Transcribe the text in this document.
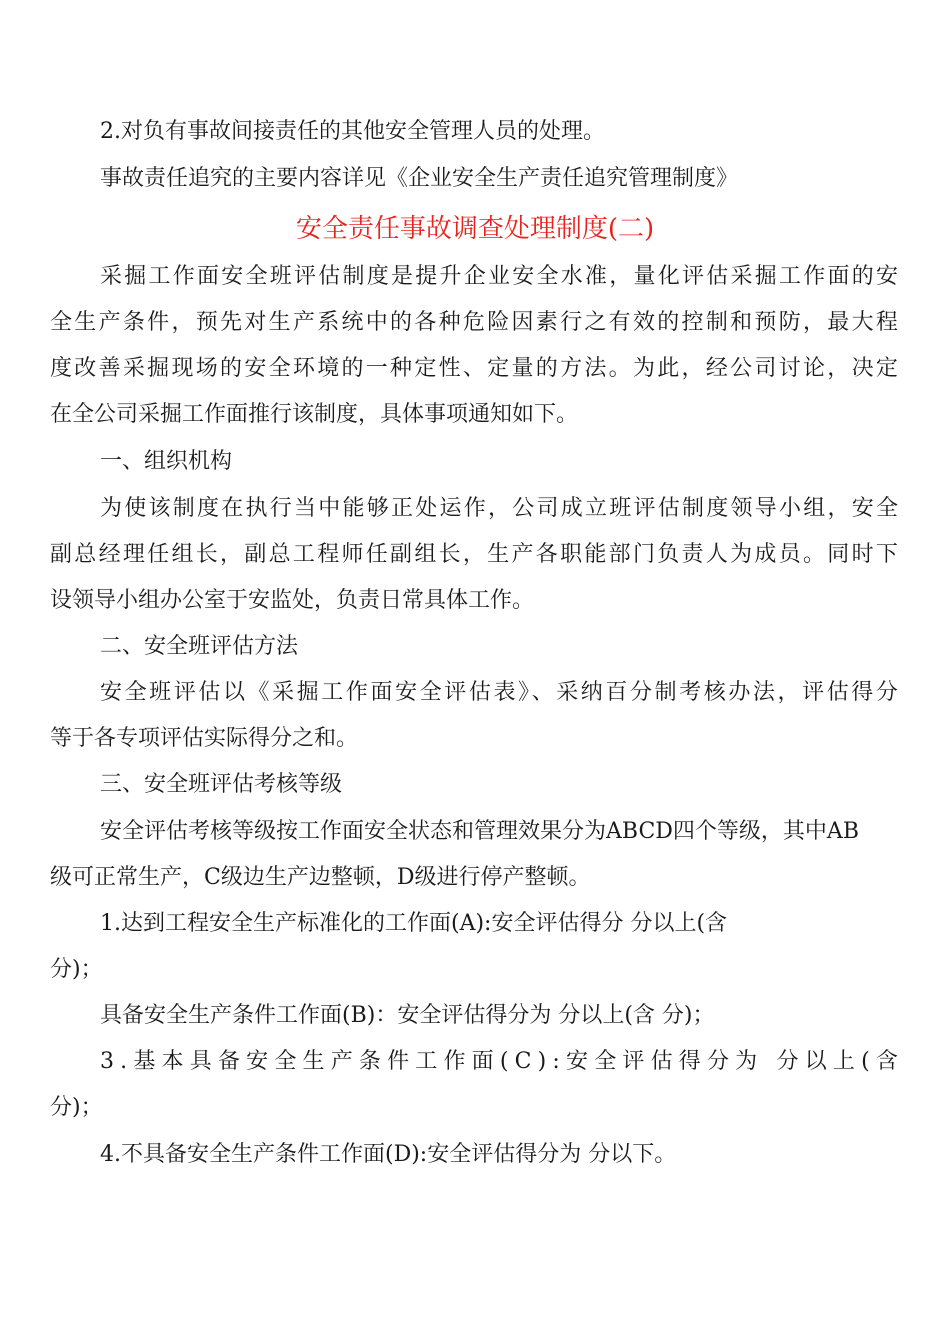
2.对负有事故间接责任的其他安全管理人员的处理。
事故责任追究的主要内容详见《企业安全生产责任追究管理制度》
安全责任事故调查处理制度(二)
采掘工作面安全班评估制度是提升企业安全水准，量化评估采掘工作面的安
全生产条件，预先对生产系统中的各种危险因素行之有效的控制和预防，最大程
度改善采掘现场的安全环境的一种定性、定量的方法。为此，经公司讨论，决定
在全公司采掘工作面推行该制度，具体事项通知如下。
一、组织机构
为使该制度在执行当中能够正处运作，公司成立班评估制度领导小组，安全
副总经理任组长，副总工程师任副组长，生产各职能部门负责人为成员。同时下
设领导小组办公室于安监处，负责日常具体工作。
二、安全班评估方法
安全班评估以《采掘工作面安全评估表》、采纳百分制考核办法，评估得分
等于各专项评估实际得分之和。
三、安全班评估考核等级
安全评估考核等级按工作面安全状态和管理效果分为ABCD四个等级，其中AB
级可正常生产，C级边生产边整顿，D级进行停产整顿。
1.达到工程安全生产标准化的工作面(A):安全评估得分 分以上(含
分)；
具备安全生产条件工作面(B)：安全评估得分为 分以上(含 分)；
3.基本具备安全生产条件工作面(C):安全评估得分为 分以上(含
分)；
4.不具备安全生产条件工作面(D):安全评估得分为 分以下。
